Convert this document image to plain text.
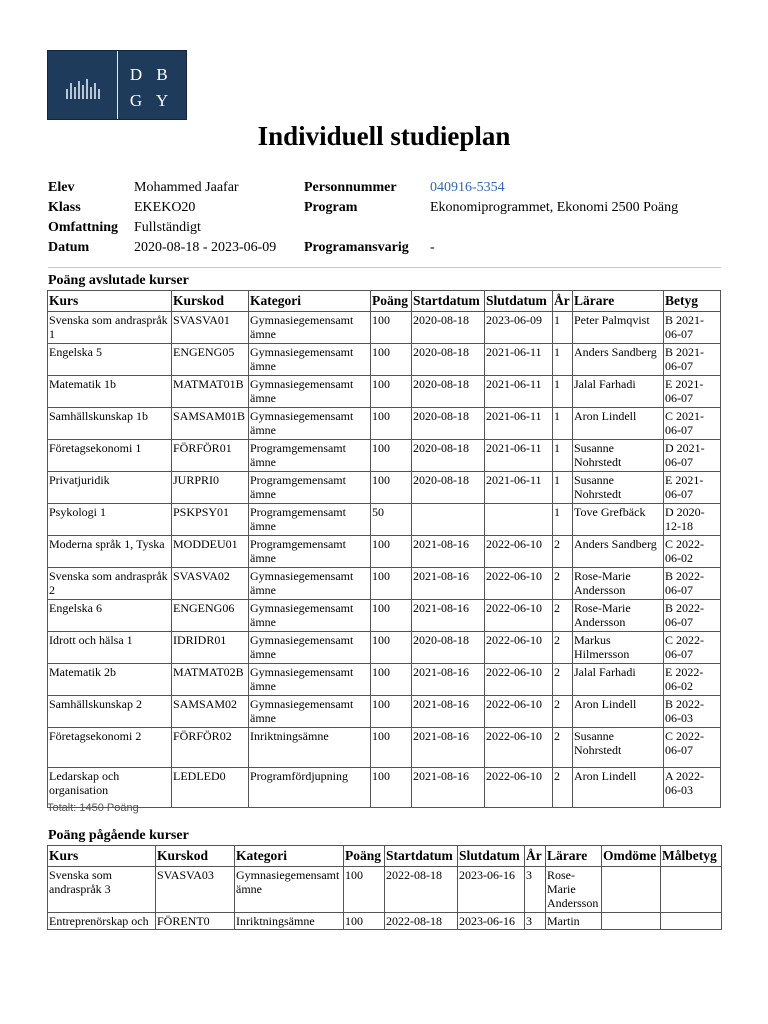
D B
G Y
Individuell studieplan
Elev	Mohammed Jaafar	Personnummer 040916-5354
Klass	EKEKO20	Program	Ekonomiprogrammet, Ekonomi 2500 Poäng
Omfattning Fullständigt
Datum	2020-08-18 - 2023-06-09 Programansvarig -
Poäng avslutade kurser
Kurs	Kurskod	Kategori	Poäng	Startdatum	Slutdatum	År	Lärare	Betyg
Svenska som andraspråk 1	SVASVA01	Gymnasiegemensamt ämne	100	2020-08-18	2023-06-09	1	Peter Palmqvist	B 2021-06-07
Engelska 5	ENGENG05	Gymnasiegemensamt ämne	100	2020-08-18	2021-06-11	1	Anders Sandberg	B 2021-06-07
Matematik 1b	MATMAT01B	Gymnasiegemensamt ämne	100	2020-08-18	2021-06-11	1	Jalal Farhadi	E 2021-06-07
Samhällskunskap 1b	SAMSAM01B	Gymnasiegemensamt ämne	100	2020-08-18	2021-06-11	1	Aron Lindell	C 2021-06-07
Företagsekonomi 1	FÖRFÖR01	Programgemensamt ämne	100	2020-08-18	2021-06-11	1	Susanne Nohrstedt	D 2021-06-07
Privatjuridik	JURPRI0	Programgemensamt ämne	100	2020-08-18	2021-06-11	1	Susanne Nohrstedt	E 2021-06-07
Psykologi 1	PSKPSY01	Programgemensamt ämne	50			1	Tove Grefbäck	D 2020-12-18
Moderna språk 1, Tyska	MODDEU01	Programgemensamt ämne	100	2021-08-16	2022-06-10	2	Anders Sandberg	C 2022-06-02
Svenska som andraspråk 2	SVASVA02	Gymnasiegemensamt ämne	100	2021-08-16	2022-06-10	2	Rose-Marie Andersson	B 2022-06-07
Engelska 6	ENGENG06	Gymnasiegemensamt ämne	100	2021-08-16	2022-06-10	2	Rose-Marie Andersson	B 2022-06-07
Idrott och hälsa 1	IDRIDR01	Gymnasiegemensamt ämne	100	2020-08-18	2022-06-10	2	Markus Hilmersson	C 2022-06-07
Matematik 2b	MATMAT02B	Gymnasiegemensamt ämne	100	2021-08-16	2022-06-10	2	Jalal Farhadi	E 2022-06-02
Samhällskunskap 2	SAMSAM02	Gymnasiegemensamt ämne	100	2021-08-16	2022-06-10	2	Aron Lindell	B 2022-06-03
Företagsekonomi 2	FÖRFÖR02	Inriktningsämne	100	2021-08-16	2022-06-10	2	Susanne Nohrstedt	C 2022-06-07
Ledarskap och organisation	LEDLED0	Programfördjupning	100	2021-08-16	2022-06-10	2	Aron Lindell	A 2022-06-03
Totalt: 1450 Poäng
Poäng pågående kurser
Kurs	Kurskod	Kategori	Poäng	Startdatum	Slutdatum	År	Lärare	Omdöme	Målbetyg
Svenska som andraspråk 3	SVASVA03	Gymnasiegemensamt ämne	100	2022-08-18	2023-06-16	3	Rose-Marie Andersson		
Entreprenörskap och	FÖRENT0	Inriktningsämne	100	2022-08-18	2023-06-16	3	Martin		
